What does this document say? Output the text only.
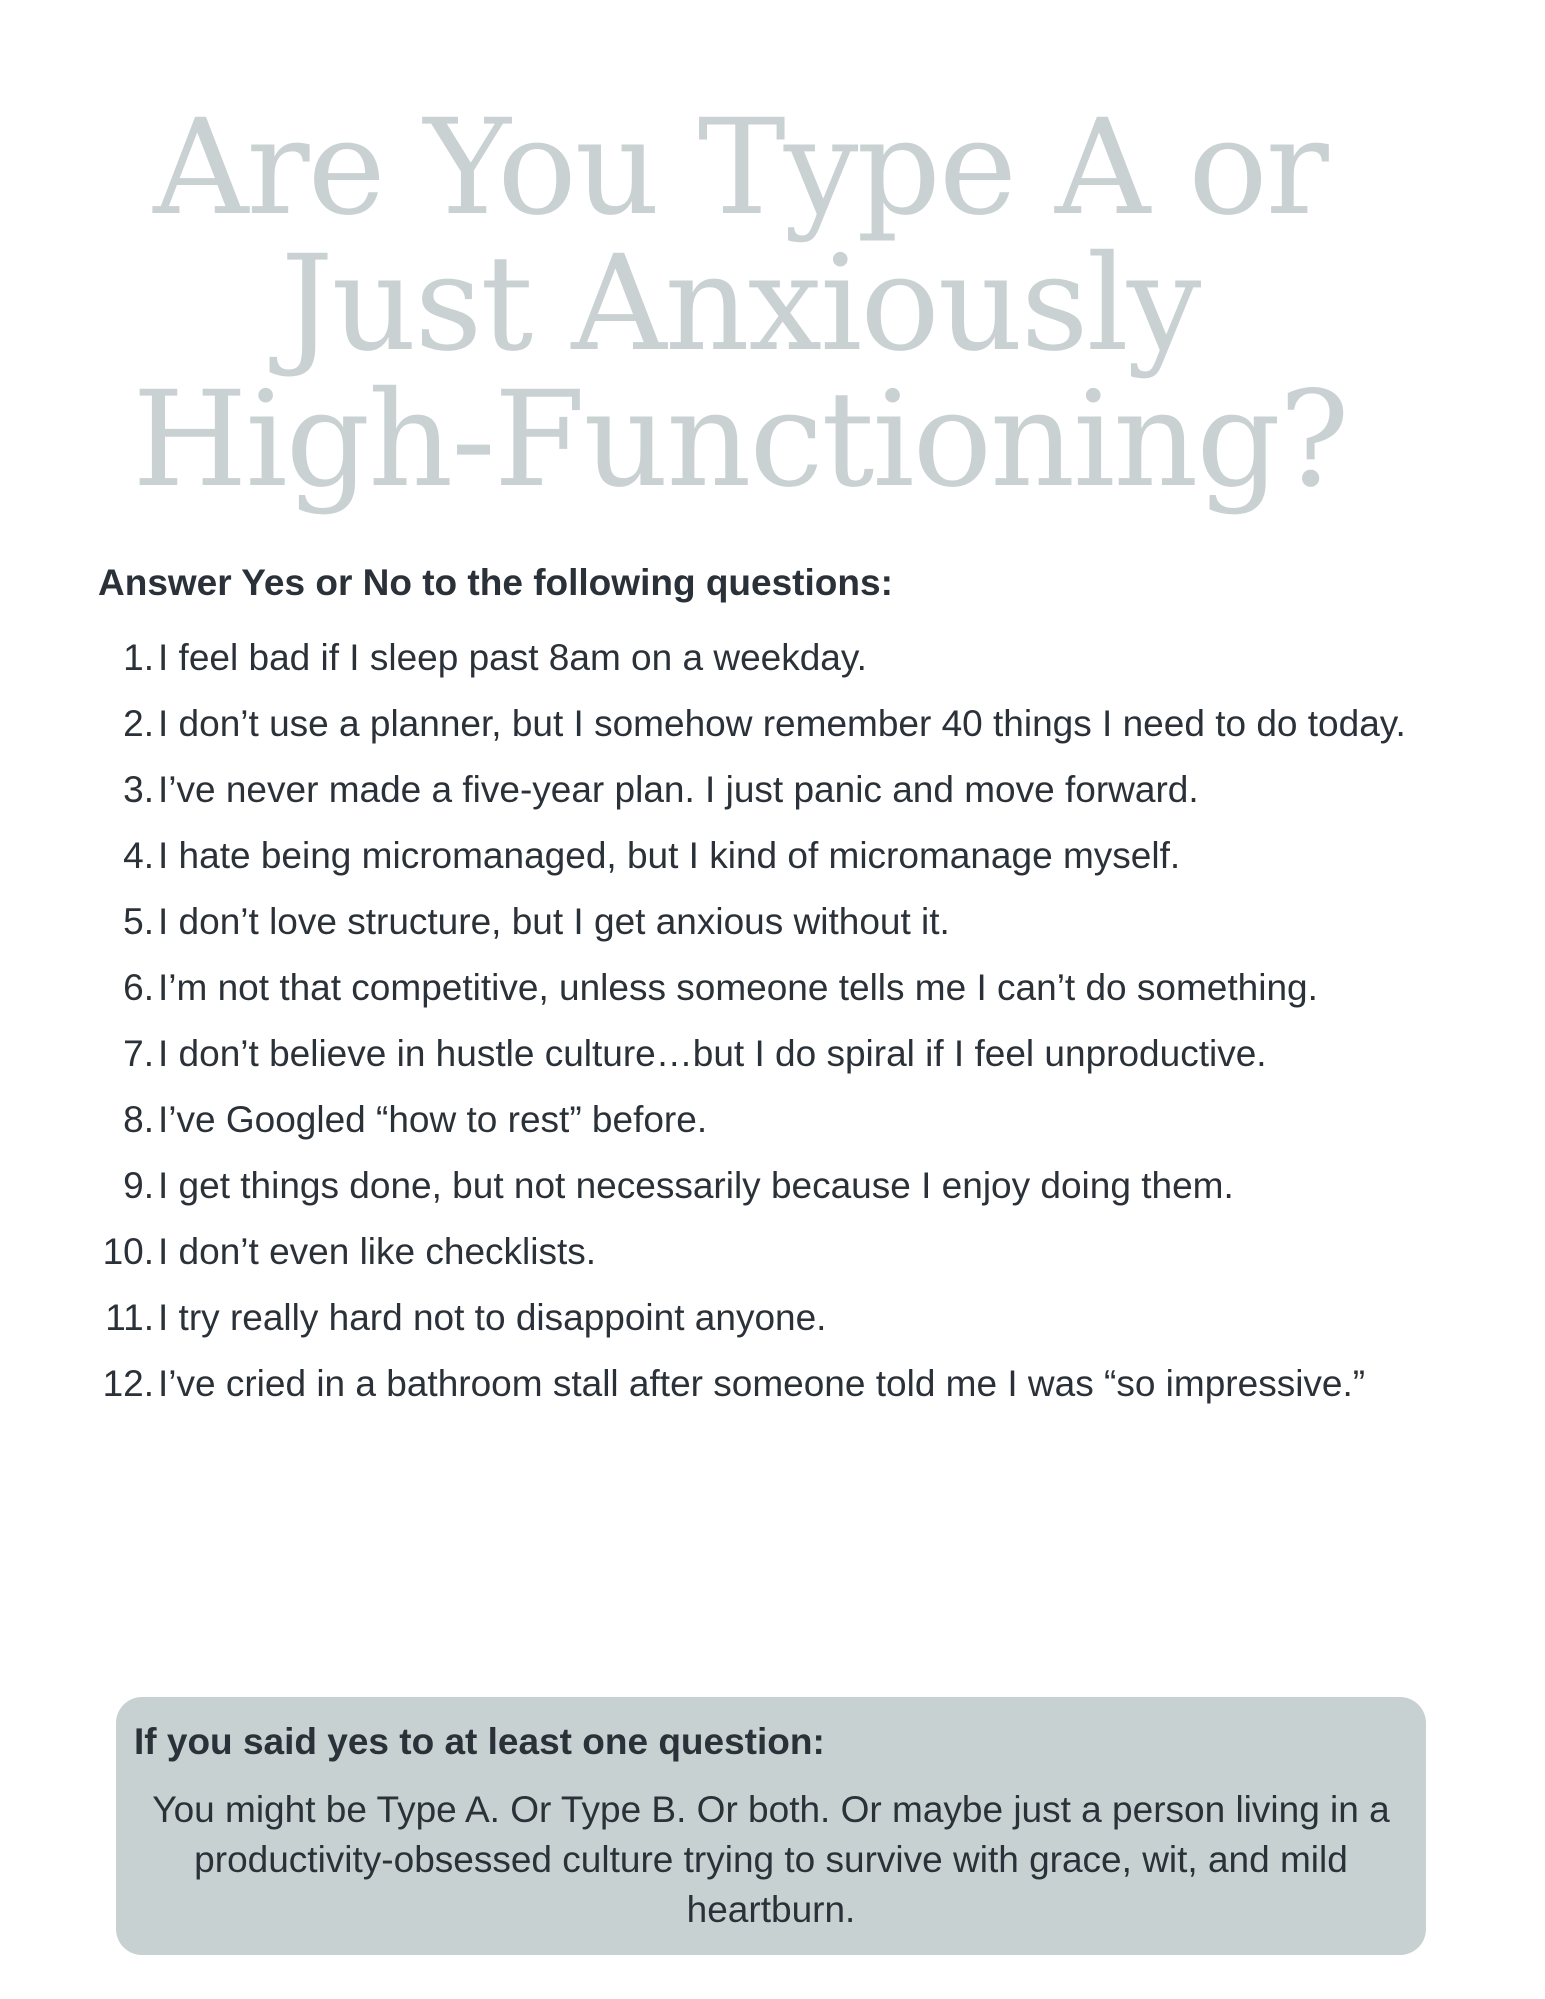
Are You Type A or
Just Anxiously
High-Functioning?

Answer Yes or No to the following questions:

1. I feel bad if I sleep past 8am on a weekday.
2. I don’t use a planner, but I somehow remember 40 things I need to do today.
3. I’ve never made a five-year plan. I just panic and move forward.
4. I hate being micromanaged, but I kind of micromanage myself.
5. I don’t love structure, but I get anxious without it.
6. I’m not that competitive, unless someone tells me I can’t do something.
7. I don’t believe in hustle culture…but I do spiral if I feel unproductive.
8. I’ve Googled “how to rest” before.
9. I get things done, but not necessarily because I enjoy doing them.
10. I don’t even like checklists.
11. I try really hard not to disappoint anyone.
12. I’ve cried in a bathroom stall after someone told me I was “so impressive.”

If you said yes to at least one question:

You might be Type A. Or Type B. Or both. Or maybe just a person living in a productivity-obsessed culture trying to survive with grace, wit, and mild heartburn.
